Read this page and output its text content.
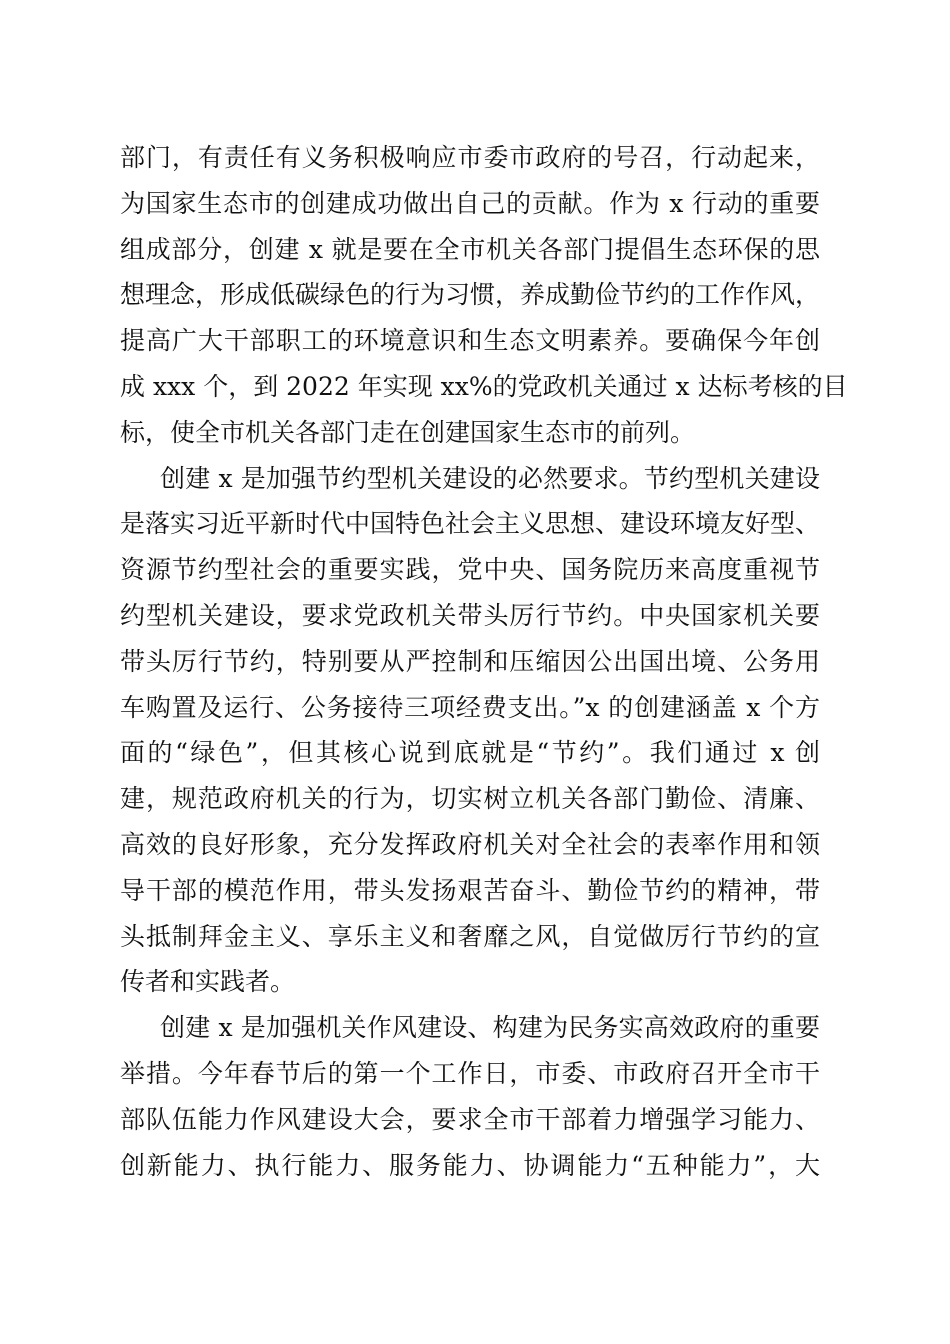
部门，有责任有义务积极响应市委市政府的号召，行动起来，
为国家生态市的创建成功做出自己的贡献。作为 x 行动的重要
组成部分，创建 x 就是要在全市机关各部门提倡生态环保的思
想理念，形成低碳绿色的行为习惯，养成勤俭节约的工作作风，
提高广大干部职工的环境意识和生态文明素养。要确保今年创
成 xxx 个，到 2022 年实现 xx%的党政机关通过 x 达标考核的目
标，使全市机关各部门走在创建国家生态市的前列。
创建 x 是加强节约型机关建设的必然要求。节约型机关建设
是落实习近平新时代中国特色社会主义思想、建设环境友好型、
资源节约型社会的重要实践，党中央、国务院历来高度重视节
约型机关建设，要求党政机关带头厉行节约。中央国家机关要
带头厉行节约，特别要从严控制和压缩因公出国出境、公务用
车购置及运行、公务接待三项经费支出。”x 的创建涵盖 x 个方
面的“绿色”，但其核心说到底就是“节约”。我们通过 x 创
建，规范政府机关的行为，切实树立机关各部门勤俭、清廉、
高效的良好形象，充分发挥政府机关对全社会的表率作用和领
导干部的模范作用，带头发扬艰苦奋斗、勤俭节约的精神，带
头抵制拜金主义、享乐主义和奢靡之风，自觉做厉行节约的宣
传者和实践者。
创建 x 是加强机关作风建设、构建为民务实高效政府的重要
举措。今年春节后的第一个工作日，市委、市政府召开全市干
部队伍能力作风建设大会，要求全市干部着力增强学习能力、
创新能力、执行能力、服务能力、协调能力“五种能力”，大
